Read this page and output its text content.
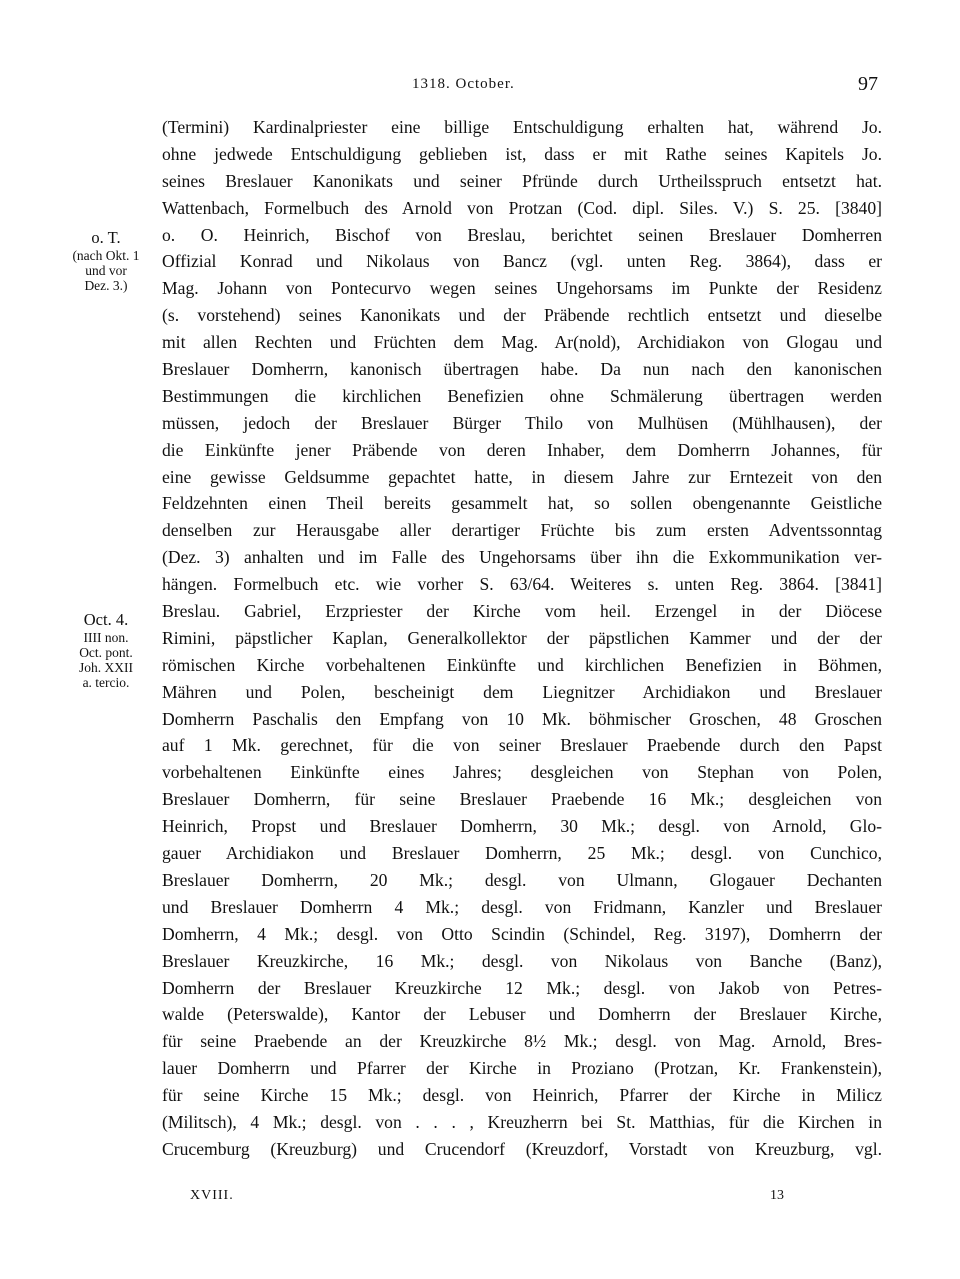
1318. October.	97
o. T.
(nach Okt. 1
und vor
Dez. 3.)
Oct. 4.
IIII non.
Oct. pont.
Joh. XXII
a. tercio.
(Termini) Kardinalpriester eine billige Entschuldigung erhalten hat, während Jo.
ohne jedwede Entschuldigung geblieben ist, dass er mit Rathe seines Kapitels Jo.
seines Breslauer Kanonikats und seiner Pfründe durch Urtheilsspruch entsetzt hat.
Wattenbach, Formelbuch des Arnold von Protzan (Cod. dipl. Siles. V.) S. 25. [3840]
o. O. Heinrich, Bischof von Breslau, berichtet seinen Breslauer Domherren
Offizial Konrad und Nikolaus von Bancz (vgl. unten Reg. 3864), dass er
Mag. Johann von Pontecurvo wegen seines Ungehorsams im Punkte der Residenz
(s. vorstehend) seines Kanonikats und der Präbende rechtlich entsetzt und dieselbe
mit allen Rechten und Früchten dem Mag. Ar(nold), Archidiakon von Glogau und
Breslauer Domherrn, kanonisch übertragen habe. Da nun nach den kanonischen
Bestimmungen die kirchlichen Benefizien ohne Schmälerung übertragen werden
müssen, jedoch der Breslauer Bürger Thilo von Mulhüsen (Mühlhausen), der
die Einkünfte jener Präbende von deren Inhaber, dem Domherrn Johannes, für
eine gewisse Geldsumme gepachtet hatte, in diesem Jahre zur Erntezeit von den
Feldzehnten einen Theil bereits gesammelt hat, so sollen obengenannte Geistliche
denselben zur Herausgabe aller derartiger Früchte bis zum ersten Adventssonntag
(Dez. 3) anhalten und im Falle des Ungehorsams über ihn die Exkommunikation ver-
hängen. Formelbuch etc. wie vorher S. 63/64. Weiteres s. unten Reg. 3864. [3841]
Breslau. Gabriel, Erzpriester der Kirche vom heil. Erzengel in der Diöcese
Rimini, päpstlicher Kaplan, Generalkollektor der päpstlichen Kammer und der der
römischen Kirche vorbehaltenen Einkünfte und kirchlichen Benefizien in Böhmen,
Mähren und Polen, bescheinigt dem Liegnitzer Archidiakon und Breslauer
Domherrn Paschalis den Empfang von 10 Mk. böhmischer Groschen, 48 Groschen
auf 1 Mk. gerechnet, für die von seiner Breslauer Praebende durch den Papst
vorbehaltenen Einkünfte eines Jahres; desgleichen von Stephan von Polen,
Breslauer Domherrn, für seine Breslauer Praebende 16 Mk.; desgleichen von
Heinrich, Propst und Breslauer Domherrn, 30 Mk.; desgl. von Arnold, Glo-
gauer Archidiakon und Breslauer Domherrn, 25 Mk.; desgl. von Cunchico,
Breslauer Domherrn, 20 Mk.; desgl. von Ulmann, Glogauer Dechanten
und Breslauer Domherrn 4 Mk.; desgl. von Fridmann, Kanzler und Breslauer
Domherrn, 4 Mk.; desgl. von Otto Scindin (Schindel, Reg. 3197), Domherrn der
Breslauer Kreuzkirche, 16 Mk.; desgl. von Nikolaus von Banche (Banz),
Domherrn der Breslauer Kreuzkirche 12 Mk.; desgl. von Jakob von Petres-
walde (Peterswalde), Kantor der Lebuser und Domherrn der Breslauer Kirche,
für seine Praebende an der Kreuzkirche 8½ Mk.; desgl. von Mag. Arnold, Bres-
lauer Domherrn und Pfarrer der Kirche in Proziano (Protzan, Kr. Frankenstein),
für seine Kirche 15 Mk.; desgl. von Heinrich, Pfarrer der Kirche in Milicz
(Militsch), 4 Mk.; desgl. von . . . , Kreuzherrn bei St. Matthias, für die Kirchen in
Crucemburg (Kreuzburg) und Crucendorf (Kreuzdorf, Vorstadt von Kreuzburg, vgl.
XVIII.	13
